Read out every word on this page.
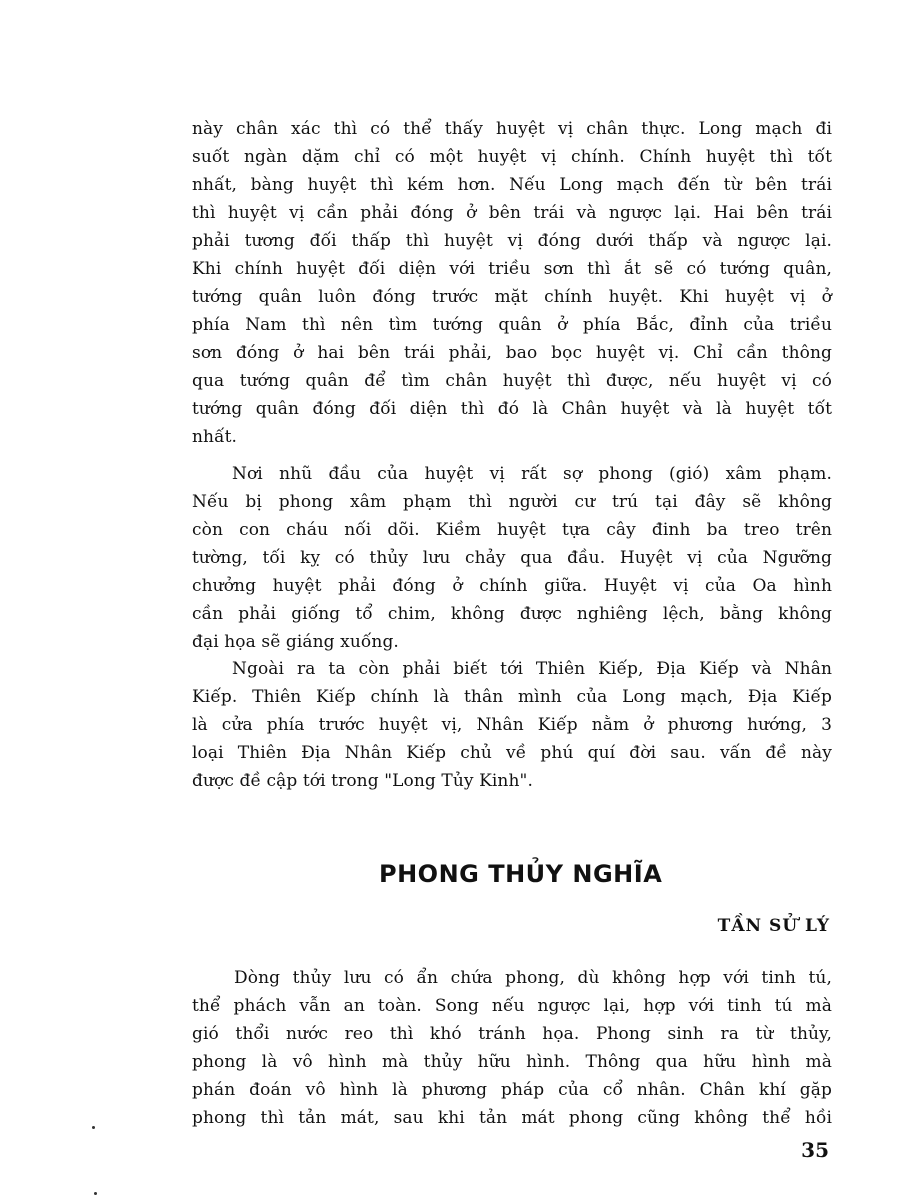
này chân xác thì có thể thấy huyệt vị chân thực. Long mạch đi
suốt ngàn dặm chỉ có một huyệt vị chính. Chính huyệt thì tốt
nhất, bàng huyệt thì kém hơn. Nếu Long mạch đến từ bên trái
thì huyệt vị cần phải đóng ở bên trái và ngược lại. Hai bên trái
phải tương đối thấp thì huyệt vị đóng dưới thấp và ngược lại.
Khi chính huyệt đối diện với triều sơn thì ắt sẽ có tướng quân,
tướng quân luôn đóng trước mặt chính huyệt. Khi huyệt vị ở
phía Nam thì nên tìm tướng quân ở phía Bắc, đỉnh của triều
sơn đóng ở hai bên trái phải, bao bọc huyệt vị. Chỉ cần thông
qua tướng quân để tìm chân huyệt thì được, nếu huyệt vị có
tướng quân đóng đối diện thì đó là Chân huyệt và là huyệt tốt
nhất.
Nơi nhũ đầu của huyệt vị rất sợ phong (gió) xâm phạm.
Nếu bị phong xâm phạm thì người cư trú tại đây sẽ không
còn con cháu nối dõi. Kiềm huyệt tựa cây đinh ba treo trên
tường, tối kỵ có thủy lưu chảy qua đầu. Huyệt vị của Ngưỡng
chưởng huyệt phải đóng ở chính giữa. Huyệt vị của Oa hình
cần phải giống tổ chim, không được nghiêng lệch, bằng không
đại họa sẽ giáng xuống.
Ngoài ra ta còn phải biết tới Thiên Kiếp, Địa Kiếp và Nhân
Kiếp. Thiên Kiếp chính là thân mình của Long mạch, Địa Kiếp
là cửa phía trước huyệt vị, Nhân Kiếp nằm ở phương hướng, 3
loại Thiên Địa Nhân Kiếp chủ về phú quí đời sau. vấn đề này
được đề cập tới trong "Long Tủy Kinh".
PHONG THỦY NGHĨA
TẦN SỬ LÝ
Dòng thủy lưu có ẩn chứa phong, dù không hợp với tinh tú,
thể phách vẫn an toàn. Song nếu ngược lại, hợp với tinh tú mà
gió thổi nước reo thì khó tránh họa. Phong sinh ra từ thủy,
phong là vô hình mà thủy hữu hình. Thông qua hữu hình mà
phán đoán vô hình là phương pháp của cổ nhân. Chân khí gặp
phong thì tản mát, sau khi tản mát phong cũng không thể hồi
35
